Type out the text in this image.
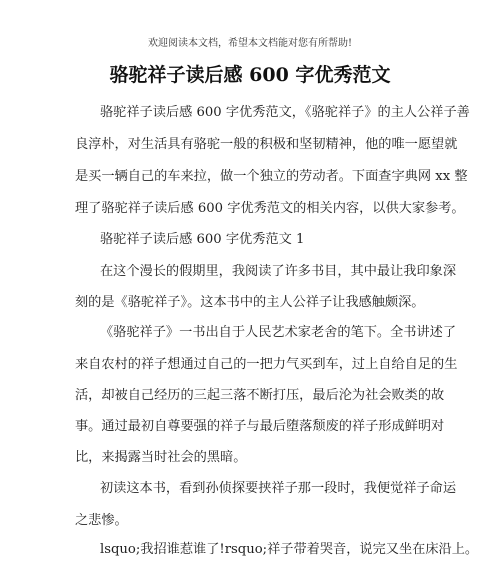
欢迎阅读本文档，希望本文档能对您有所帮助!
骆驼祥子读后感 600 字优秀范文
骆驼祥子读后感 600 字优秀范文，《骆驼祥子》的主人公祥子善
良淳朴，对生活具有骆驼一般的积极和坚韧精神，他的唯一愿望就
是买一辆自己的车来拉，做一个独立的劳动者。下面查字典网 xx 整
理了骆驼祥子读后感 600 字优秀范文的相关内容，以供大家参考。
骆驼祥子读后感 600 字优秀范文 1
在这个漫长的假期里，我阅读了许多书目，其中最让我印象深
刻的是《骆驼祥子》。这本书中的主人公祥子让我感触颇深。
《骆驼祥子》一书出自于人民艺术家老舍的笔下。全书讲述了
来自农村的祥子想通过自己的一把力气买到车，过上自给自足的生
活，却被自己经历的三起三落不断打压，最后沦为社会败类的故
事。通过最初自尊要强的祥子与最后堕落颓废的祥子形成鲜明对
比，来揭露当时社会的黑暗。
初读这本书，看到孙侦探要挟祥子那一段时，我便觉祥子命运
之悲惨。
lsquo;我招谁惹谁了!rsquo;祥子带着哭音，说完又坐在床沿上。
